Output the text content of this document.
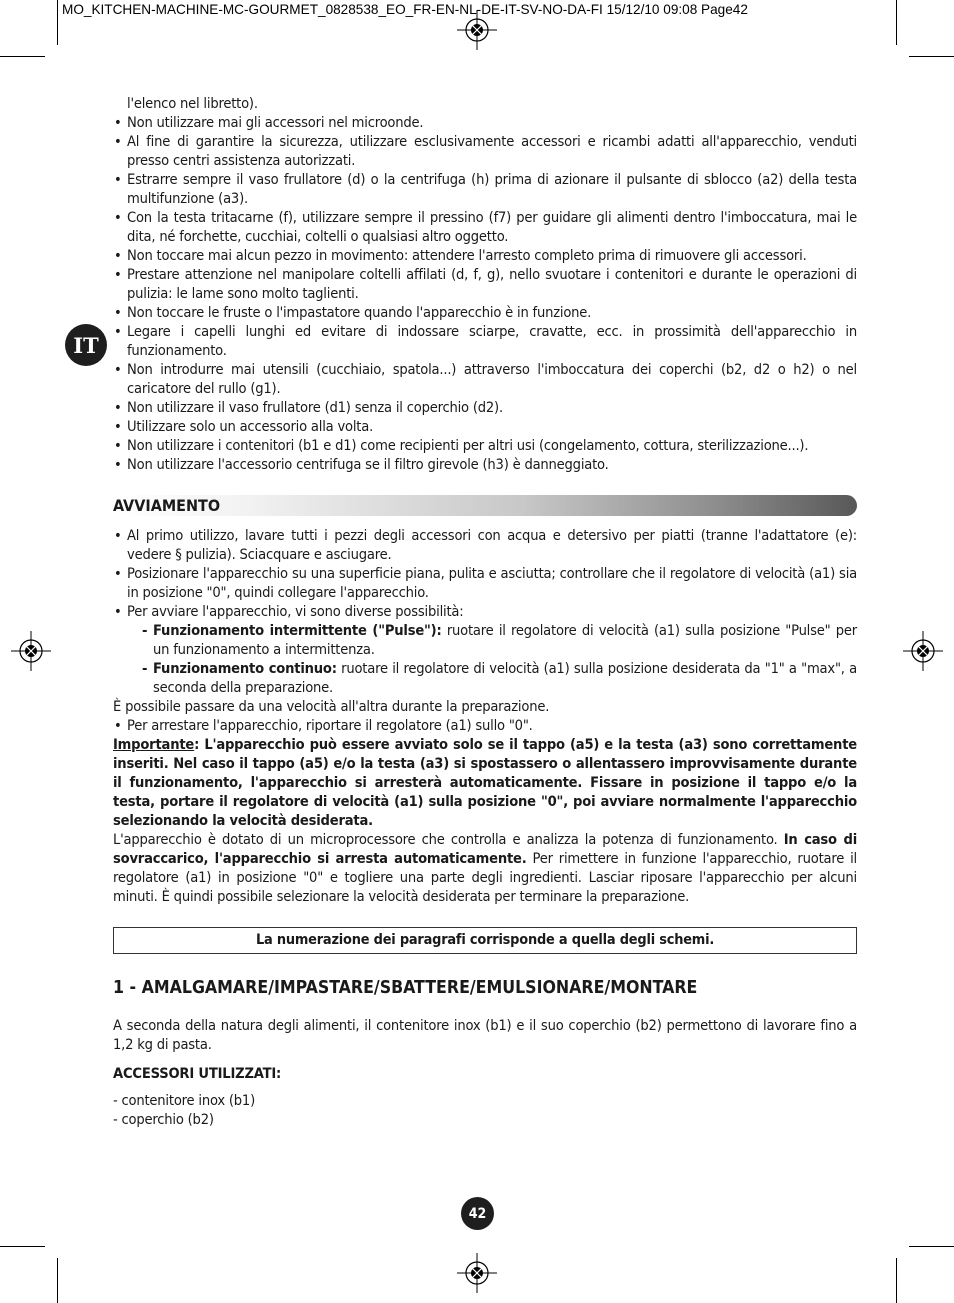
MO_KITCHEN-MACHINE-MC-GOURMET_0828538_EO_FR-EN-NL-DE-IT-SV-NO-DA-FI 15/12/10 09:08 Page42
IT

l'elenco nel libretto).

• Non utilizzare mai gli accessori nel microonde.
• Al fine di garantire la sicurezza, utilizzare esclusivamente accessori e ricambi adatti all'apparecchio, venduti presso centri assistenza autorizzati.
• Estrarre sempre il vaso frullatore (d) o la centrifuga (h) prima di azionare il pulsante di sblocco (a2) della testa multifunzione (a3).
• Con la testa tritacarne (f), utilizzare sempre il pressino (f7) per guidare gli alimenti dentro l'imboccatura, mai le dita, né forchette, cucchiai, coltelli o qualsiasi altro oggetto.
• Non toccare mai alcun pezzo in movimento: attendere l'arresto completo prima di rimuovere gli accessori.
• Prestare attenzione nel manipolare coltelli affilati (d, f, g), nello svuotare i contenitori e durante le operazioni di pulizia: le lame sono molto taglienti.
• Non toccare le fruste o l'impastatore quando l'apparecchio è in funzione.
• Legare i capelli lunghi ed evitare di indossare sciarpe, cravatte, ecc. in prossimità dell'apparecchio in funzionamento.
• Non introdurre mai utensili (cucchiaio, spatola...) attraverso l'imboccatura dei coperchi (b2, d2 o h2) o nel caricatore del rullo (g1).
• Non utilizzare il vaso frullatore (d1) senza il coperchio (d2).
• Utilizzare solo un accessorio alla volta.
• Non utilizzare i contenitori (b1 e d1) come recipienti per altri usi (congelamento, cottura, sterilizzazione...).
• Non utilizzare l'accessorio centrifuga se il filtro girevole (h3) è danneggiato.
AVVIAMENTO
• Al primo utilizzo, lavare tutti i pezzi degli accessori con acqua e detersivo per piatti (tranne l'adattatore (e): vedere § pulizia). Sciacquare e asciugare.
• Posizionare l'apparecchio su una superficie piana, pulita e asciutta; controllare che il regolatore di velocità (a1) sia in posizione "0", quindi collegare l'apparecchio.
• Per avviare l'apparecchio, vi sono diverse possibilità:
- Funzionamento intermittente ("Pulse"): ruotare il regolatore di velocità (a1) sulla posizione "Pulse" per un funzionamento a intermittenza.
- Funzionamento continuo: ruotare il regolatore di velocità (a1) sulla posizione desiderata da "1" a "max", a seconda della preparazione.

È possibile passare da una velocità all'altra durante la preparazione.

• Per arrestare l'apparecchio, riportare il regolatore (a1) sullo "0".

Importante: L'apparecchio può essere avviato solo se il tappo (a5) e la testa (a3) sono correttamente inseriti. Nel caso il tappo (a5) e/o la testa (a3) si spostassero o allentassero improvvisamente durante il funzionamento, l'apparecchio si arresterà automaticamente. Fissare in posizione il tappo e/o la testa, portare il regolatore di velocità (a1) sulla posizione "0", poi avviare normalmente l'apparecchio selezionando la velocità desiderata.

L'apparecchio è dotato di un microprocessore che controlla e analizza la potenza di funzionamento. In caso di sovraccarico, l'apparecchio si arresta automaticamente. Per rimettere in funzione l'apparecchio, ruotare il regolatore (a1) in posizione "0" e togliere una parte degli ingredienti. Lasciar riposare l'apparecchio per alcuni minuti. È quindi possibile selezionare la velocità desiderata per terminare la preparazione.

La numerazione dei paragrafi corrisponde a quella degli schemi.
1 - AMALGAMARE/IMPASTARE/SBATTERE/EMULSIONARE/MONTARE

A seconda della natura degli alimenti, il contenitore inox (b1) e il suo coperchio (b2) permettono di lavorare fino a 1,2 kg di pasta.

ACCESSORI UTILIZZATI:

- contenitore inox (b1)

- coperchio (b2)

42
